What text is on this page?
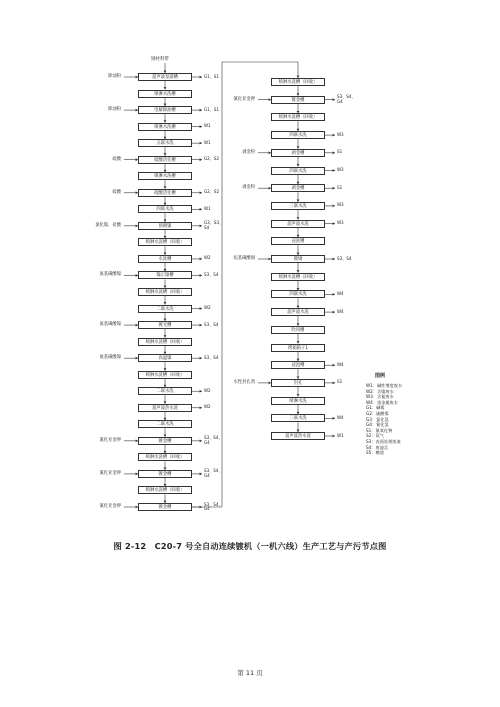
钢材料带
超声波泵浦槽
除油粉	G1、S1
喷淋水洗槽
电解除油槽
除油粉	G1、S1
喷淋水洗槽	W1
五联水洗	W1
硫酸活化槽
硫酸	G2、S2
喷淋水洗槽
硫酸活化槽
硫酸	G2、S2
四联水洗	W1
预镀镍
氯化镍、盐酸	G3、S3、
S4
喷淋水洗槽（回收）
水洗槽	W2
镍正镍槽
氨基磺酸镍	S3、S4
喷淋水洗槽（回收）
二联水洗	W2
镀光槽
氨基磺酸镍	S3、S4
喷淋水洗槽（回收）
高温镍
氨基磺酸镍	S3、S4
喷淋水洗槽（回收）
二联水洗	W2
超声波热水洗	W2
二联水洗
镀金槽
氰化亚金钾	S3、S4、
G4
喷淋水洗槽（回收）
镀金槽
氰化亚金钾	S3、S4、
G4
喷淋水洗槽（回收）
镀金槽
氰化亚金钾	S3、S4、
G4
喷淋水洗槽（回收）
镀金槽
氰化亚金钾	S3、S4、
G4
喷淋水洗槽（回收）
四联水洗	W3
剥金槽
剥金粉	S1
四联水洗	W3
剥金槽
剥金粉	S1
三联水洗	W3
超声波水洗	W3
浸洗槽
镀锡
烷基磺酸锡	S3、S4
喷淋水洗槽（回收）
四联水洗	W4
超声波水洗	W4
吹风槽
烤箱箱子1
浸泡槽	W4
封孔
水性封孔剂	S1
喷淋水洗
三联水洗	W4
超声波热水洗	W1
图例
W1：碱性增度废水
W2：含镍废水
W3：含氰废水
W4：重金属废水
G1：碱雾
G2：硫酸雾
G3：氯化氢
G4：氰化氢
S1：氰氧化物
S2：氨气
S3：表面处理废液
S4：废滤芯
S5：槽渣
图 2-12　C20-7 号全自动连续镀机（一机六线）生产工艺与产污节点图
第 11 页
